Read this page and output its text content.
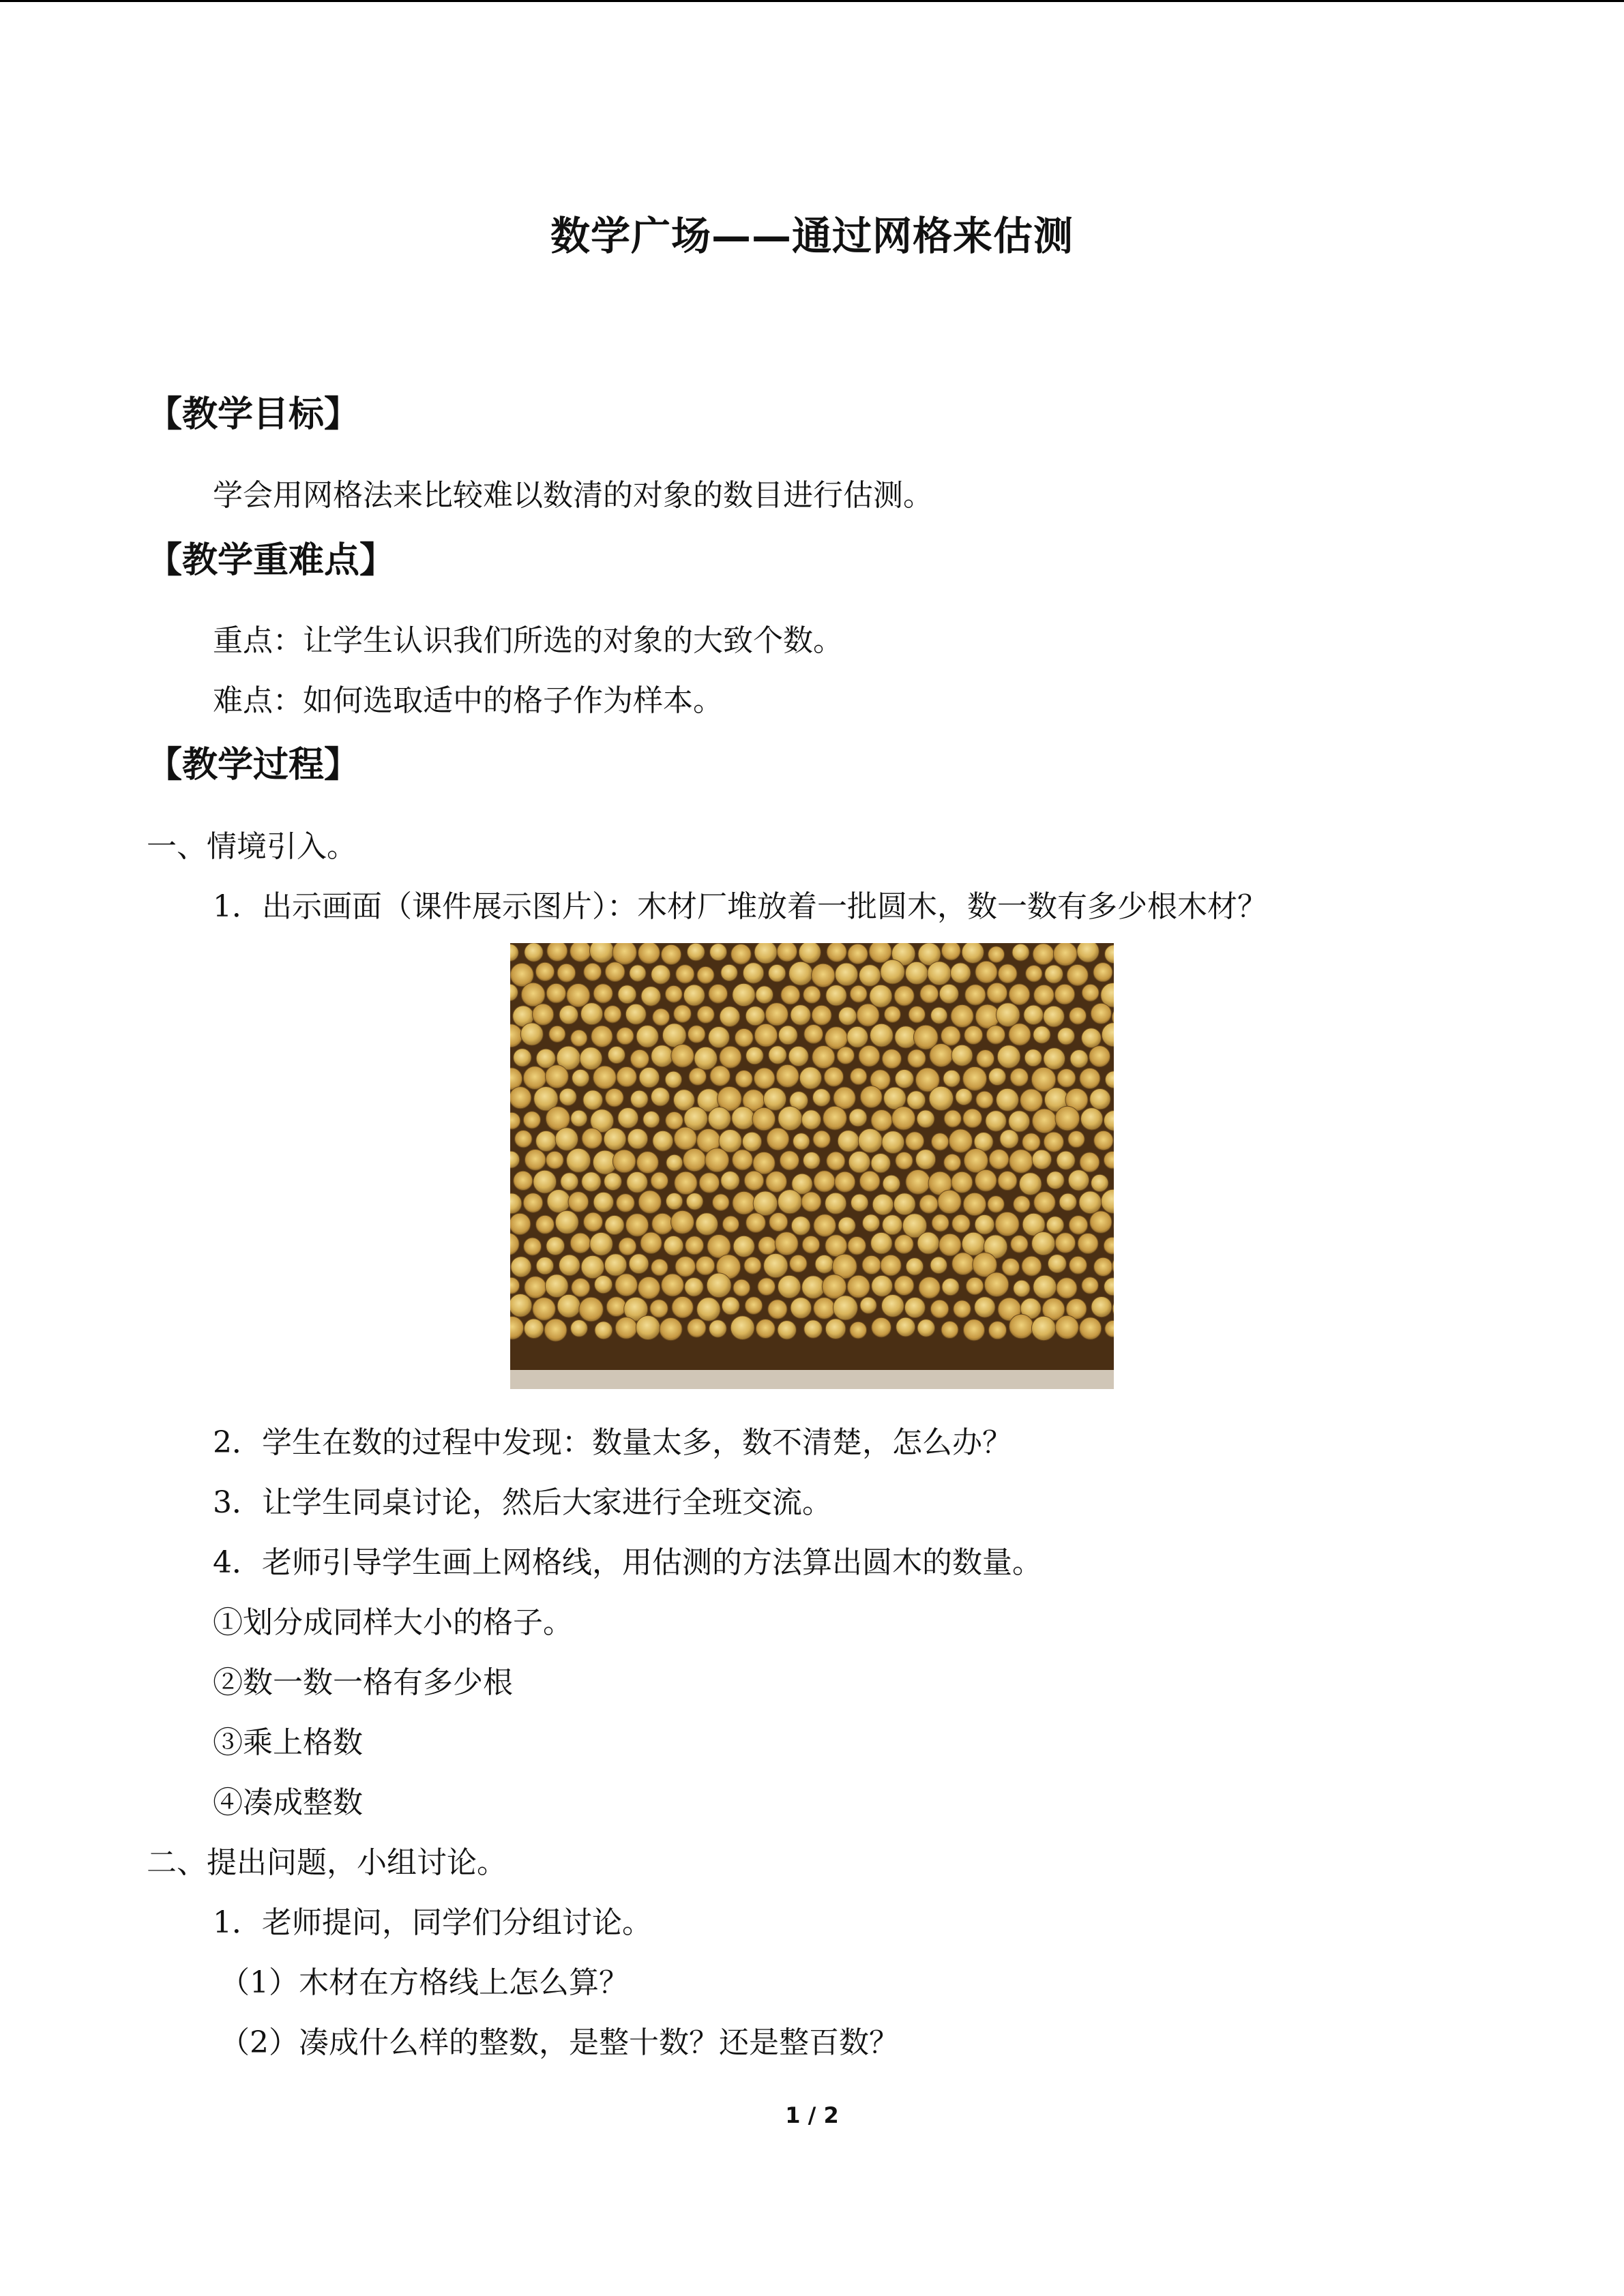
数学广场——通过网格来估测
【教学目标】
学会用网格法来比较难以数清的对象的数目进行估测。
【教学重难点】
重点：让学生认识我们所选的对象的大致个数。
难点：如何选取适中的格子作为样本。
【教学过程】
一、情境引入。
1．出示画面（课件展示图片）：木材厂堆放着一批圆木，数一数有多少根木材？
2．学生在数的过程中发现：数量太多，数不清楚，怎么办？
3．让学生同桌讨论，然后大家进行全班交流。
4．老师引导学生画上网格线，用估测的方法算出圆木的数量。
①划分成同样大小的格子。
②数一数一格有多少根
③乘上格数
④凑成整数
二、提出问题，小组讨论。
1．老师提问，同学们分组讨论。
（1）木材在方格线上怎么算？
（2）凑成什么样的整数，是整十数？还是整百数？
1 / 2
